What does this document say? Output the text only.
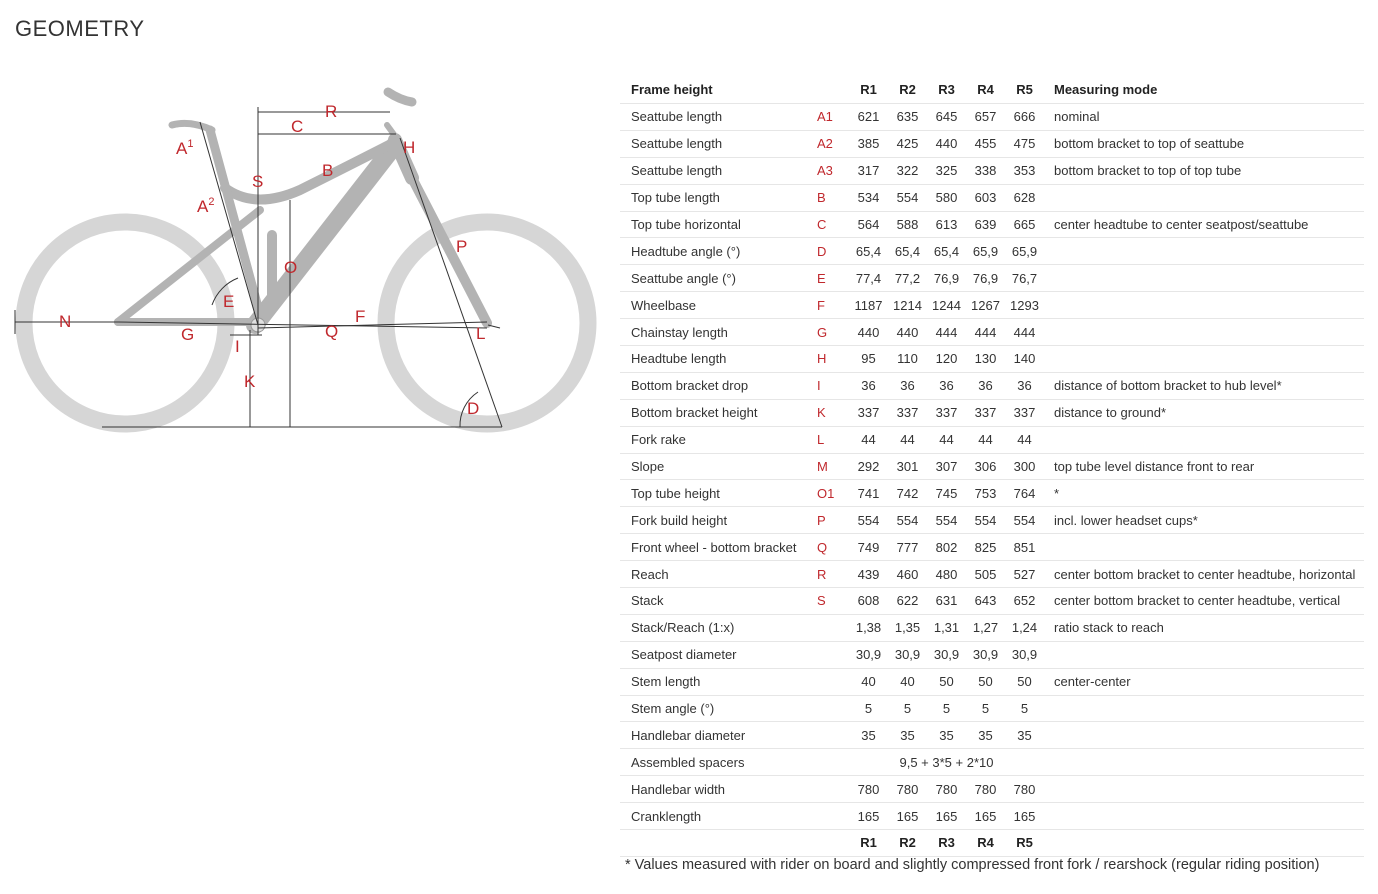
GEOMETRY
$A^1$
$A^2$
B
C
D
E
F
G
H
I
K
L
N
O
P
Q
R
S
Frame height		R1	R2	R3	R4	R5	Measuring mode
Seattube length	A1	621	635	645	657	666	nominal
Seattube length	A2	385	425	440	455	475	bottom bracket to top of seattube
Seattube length	A3	317	322	325	338	353	bottom bracket to top of top tube
Top tube length	B	534	554	580	603	628	
Top tube horizontal	C	564	588	613	639	665	center headtube to center seatpost/seattube
Headtube angle (°)	D	65,4	65,4	65,4	65,9	65,9	
Seattube angle (°)	E	77,4	77,2	76,9	76,9	76,7	
Wheelbase	F	1187	1214	1244	1267	1293	
Chainstay length	G	440	440	444	444	444	
Headtube length	H	95	110	120	130	140	
Bottom bracket drop	I	36	36	36	36	36	distance of bottom bracket to hub level*
Bottom bracket height	K	337	337	337	337	337	distance to ground*
Fork rake	L	44	44	44	44	44	
Slope	M	292	301	307	306	300	top tube level distance front to rear
Top tube height	O1	741	742	745	753	764	*
Fork build height	P	554	554	554	554	554	incl. lower headset cups*
Front wheel - bottom bracket	Q	749	777	802	825	851	
Reach	R	439	460	480	505	527	center bottom bracket to center headtube, horizontal
Stack	S	608	622	631	643	652	center bottom bracket to center headtube, vertical
Stack/Reach (1:x)		1,38	1,35	1,31	1,27	1,24	ratio stack to reach
Seatpost diameter		30,9	30,9	30,9	30,9	30,9	
Stem length		40	40	50	50	50	center-center
Stem angle (°)		5	5	5	5	5	
Handlebar diameter		35	35	35	35	35	
Assembled spacers		9,5 + 3*5 + 2*10					
Handlebar width		780	780	780	780	780	
Cranklength		165	165	165	165	165	
		R1	R2	R3	R4	R5	
* Values measured with rider on board and slightly compressed front fork / rearshock (regular riding position)
